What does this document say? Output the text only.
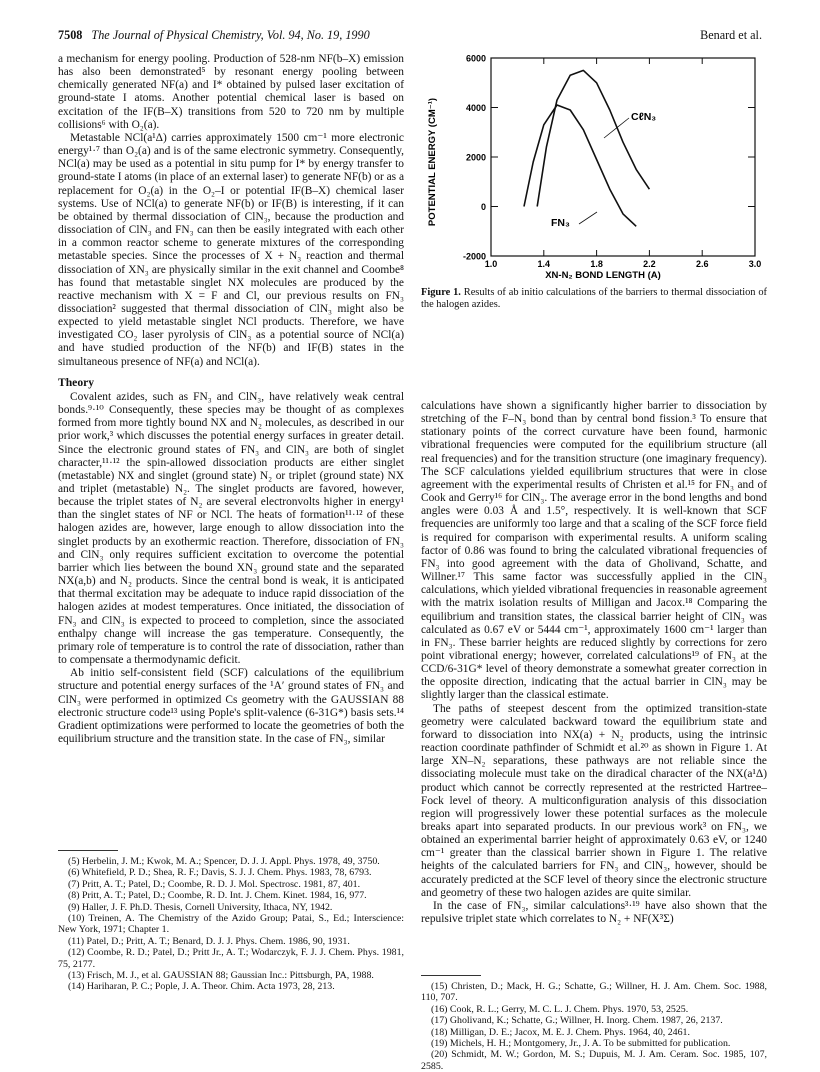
7508 The Journal of Physical Chemistry, Vol. 94, No. 19, 1990	Benard et al.

a mechanism for energy pooling. Production of 528-nm NF(b–X) emission has also been demonstrated⁵ by resonant energy pooling between chemically generated NF(a) and I* obtained by pulsed laser excitation of ground-state I atoms. Another potential chemical laser is based on excitation of the IF(B–X) transitions from 520 to 720 nm by multiple collisions⁶ with O₂(a).

Metastable NCl(a¹Δ) carries approximately 1500 cm⁻¹ more electronic energy¹·⁷ than O₂(a) and is of the same electronic symmetry. Consequently, NCl(a) may be used as a potential in situ pump for I* by energy transfer to ground-state I atoms (in place of an external laser) to generate NF(b) or as a replacement for O₂(a) in the O₂–I or potential IF(B–X) chemical laser systems. Use of NCl(a) to generate NF(b) or IF(B) is interesting, if it can be obtained by thermal dissociation of ClN₃, because the production and dissociation of ClN₃ and FN₃ can then be easily integrated with each other in a common reactor scheme to generate mixtures of the corresponding metastable species. Since the processes of X + N₃ reaction and thermal dissociation of XN₃ are physically similar in the exit channel and Coombe⁸ has found that metastable singlet NX molecules are produced by the reactive mechanism with X = F and Cl, our previous results on FN₃ dissociation² suggested that thermal dissociation of ClN₃ might also be expected to yield metastable singlet NCl products. Therefore, we have investigated CO₂ laser pyrolysis of ClN₃ as a potential source of NCl(a) and have studied production of the NF(b) and IF(B) states in the simultaneous presence of NF(a) and NCl(a).

Theory

Covalent azides, such as FN₃ and ClN₃, have relatively weak central bonds.⁹·¹⁰ Consequently, these species may be thought of as complexes formed from more tightly bound NX and N₂ molecules, as described in our prior work,³ which discusses the potential energy surfaces in greater detail. Since the electronic ground states of FN₃ and ClN₃ are both of singlet character,¹¹·¹² the spin-allowed dissociation products are either singlet (metastable) NX and singlet (ground state) N₂ or triplet (ground state) NX and triplet (metastable) N₂. The singlet products are favored, however, because the triplet states of N₂ are several electronvolts higher in energy¹ than the singlet states of NF or NCl. The heats of formation¹¹·¹² of these halogen azides are, however, large enough to allow dissociation into the singlet products by an exothermic reaction. Therefore, dissociation of FN₃ and ClN₃ only requires sufficient excitation to overcome the potential barrier which lies between the bound XN₃ ground state and the separated NX(a,b) and N₂ products. Since the central bond is weak, it is anticipated that thermal excitation may be adequate to induce rapid dissociation of the halogen azides at modest temperatures. Once initiated, the dissociation of FN₃ and ClN₃ is expected to proceed to completion, since the associated enthalpy change will increase the gas temperature. Consequently, the primary role of temperature is to control the rate of dissociation, rather than to compensate a thermodynamic deficit.

Ab initio self-consistent field (SCF) calculations of the equilibrium structure and potential energy surfaces of the ¹A′ ground states of FN₃ and ClN₃ were performed in optimized Cs geometry with the GAUSSIAN 88 electronic structure code¹³ using Pople's split-valence (6-31G*) basis sets.¹⁴ Gradient optimizations were performed to locate the geometries of both the equilibrium structure and the transition state. In the case of FN₃, similar

POTENTIAL ENERGY (CM⁻¹)
XN-N₂ BOND LENGTH (A)
CℓN₃
FN₃
1.0	1.4	1.8	2.2	2.6	3.0
-2000
0
2000
4000
6000
Figure 1. Results of ab initio calculations of the barriers to thermal dissociation of the halogen azides.

calculations have shown a significantly higher barrier to dissociation by stretching of the F–N₃ bond than by central bond fission.³ To ensure that stationary points of the correct curvature have been found, harmonic vibrational frequencies were computed for the equilibrium structure (all real frequencies) and for the transition structure (one imaginary frequency). The SCF calculations yielded equilibrium structures that were in close agreement with the experimental results of Christen et al.¹⁵ for FN₃ and of Cook and Gerry¹⁶ for ClN₃. The average error in the bond lengths and bond angles were 0.03 Å and 1.5°, respectively. It is well-known that SCF frequencies are uniformly too large and that a scaling of the SCF force field is required for comparison with experimental results. A uniform scaling factor of 0.86 was found to bring the calculated vibrational frequencies of FN₃ into good agreement with the data of Gholivand, Schatte, and Willner.¹⁷ This same factor was successfully applied in the ClN₃ calculations, which yielded vibrational frequencies in reasonable agreement with the matrix isolation results of Milligan and Jacox.¹⁸ Comparing the equilibrium and transition states, the classical barrier height of ClN₃ was calculated as 0.67 eV or 5444 cm⁻¹, approximately 1600 cm⁻¹ larger than in FN₃. These barrier heights are reduced slightly by corrections for zero point vibrational energy; however, correlated calculations¹⁹ of FN₃ at the CCD/6-31G* level of theory demonstrate a somewhat greater correction in the opposite direction, indicating that the actual barrier in ClN₃ may be slightly larger than the classical estimate.

The paths of steepest descent from the optimized transition-state geometry were calculated backward toward the equilibrium state and forward to dissociation into NX(a) + N₂ products, using the intrinsic reaction coordinate pathfinder of Schmidt et al.²⁰ as shown in Figure 1. At large XN–N₂ separations, these pathways are not reliable since the dissociating molecule must take on the diradical character of the NX(a¹Δ) product which cannot be correctly represented at the restricted Hartree–Fock level of theory. A multiconfiguration analysis of this dissociation region will progressively lower these potential surfaces as the molecule breaks apart into separated products. In our previous work³ on FN₃, we obtained an experimental barrier height of approximately 0.63 eV, or 1240 cm⁻¹ greater than the classical barrier shown in Figure 1. The relative heights of the calculated barriers for FN₃ and ClN₃, however, should be accurately predicted at the SCF level of theory since the electronic structure and geometry of these two halogen azides are quite similar.

In the case of FN₃, similar calculations³·¹⁹ have also shown that the repulsive triplet state which correlates to N₂ + NF(X³Σ)

(5) Herbelin, J. M.; Kwok, M. A.; Spencer, D. J. J. Appl. Phys. 1978, 49, 3750.
(6) Whitefield, P. D.; Shea, R. F.; Davis, S. J. J. Chem. Phys. 1983, 78, 6793.
(7) Pritt, A. T.; Patel, D.; Coombe, R. D. J. Mol. Spectrosc. 1981, 87, 401.
(8) Pritt, A. T.; Patel, D.; Coombe, R. D. Int. J. Chem. Kinet. 1984, 16, 977.
(9) Haller, J. F. Ph.D. Thesis, Cornell University, Ithaca, NY, 1942.
(10) Treinen, A. The Chemistry of the Azido Group; Patai, S., Ed.; Interscience: New York, 1971; Chapter 1.
(11) Patel, D.; Pritt, A. T.; Benard, D. J. J. Phys. Chem. 1986, 90, 1931.
(12) Coombe, R. D.; Patel, D.; Pritt Jr., A. T.; Wodarczyk, F. J. J. Chem. Phys. 1981, 75, 2177.
(13) Frisch, M. J., et al. GAUSSIAN 88; Gaussian Inc.: Pittsburgh, PA, 1988.
(14) Hariharan, P. C.; Pople, J. A. Theor. Chim. Acta 1973, 28, 213.	(15) Christen, D.; Mack, H. G.; Schatte, G.; Willner, H. J. Am. Chem. Soc. 1988, 110, 707.
(16) Cook, R. L.; Gerry, M. C. L. J. Chem. Phys. 1970, 53, 2525.
(17) Gholivand, K.; Schatte, G.; Willner, H. Inorg. Chem. 1987, 26, 2137.
(18) Milligan, D. E.; Jacox, M. E. J. Chem. Phys. 1964, 40, 2461.
(19) Michels, H. H.; Montgomery, Jr., J. A. To be submitted for publication.
(20) Schmidt, M. W.; Gordon, M. S.; Dupuis, M. J. Am. Ceram. Soc. 1985, 107, 2585.
